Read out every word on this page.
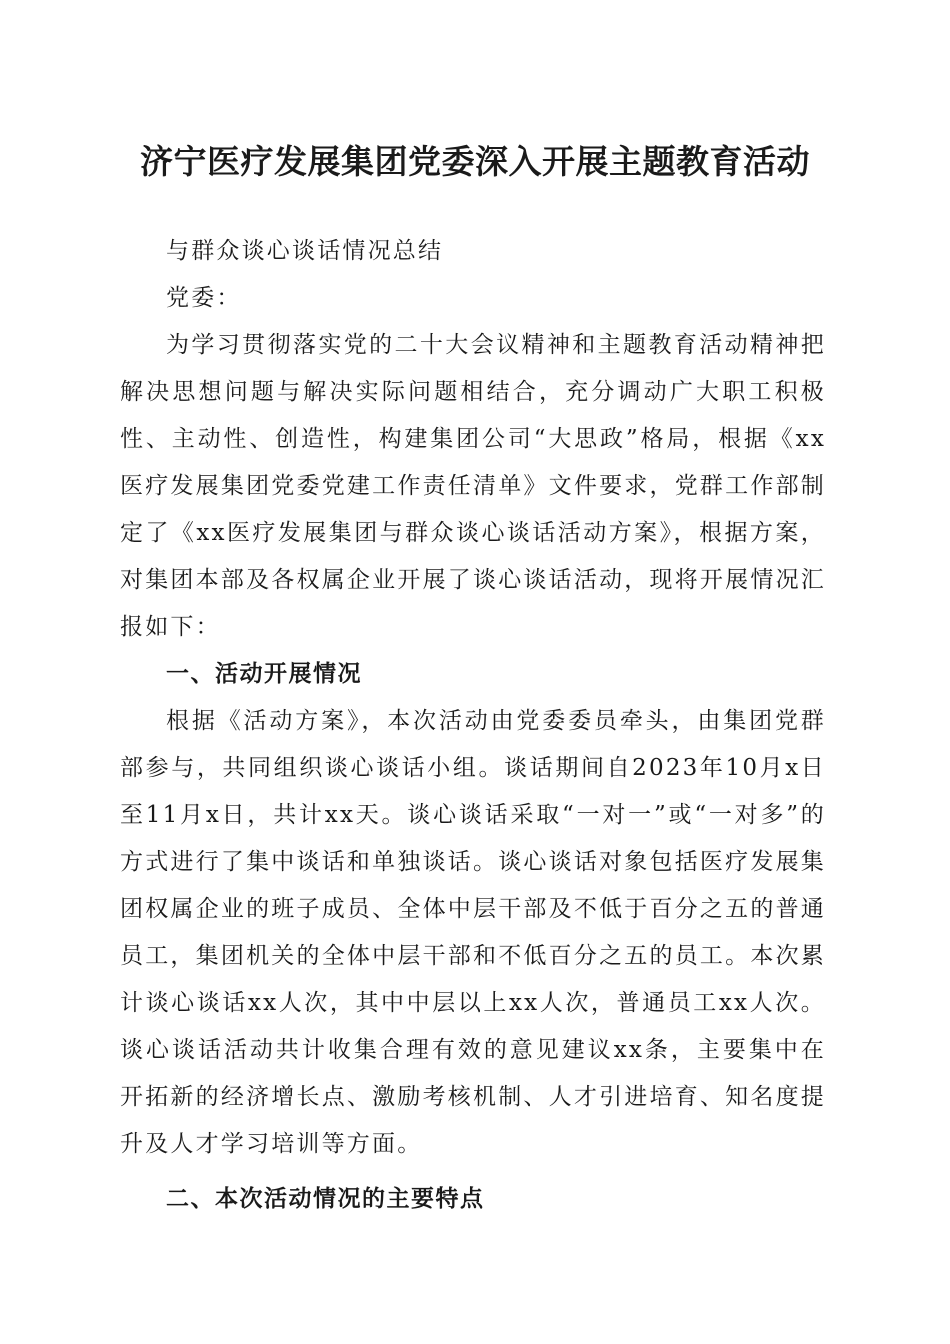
济宁医疗发展集团党委深入开展主题教育活动

与群众谈心谈话情况总结

党委：

为学习贯彻落实党的二十大会议精神和主题教育活动精神把解决思想问题与解决实际问题相结合，充分调动广大职工积极性、主动性、创造性，构建集团公司“大思政”格局，根据《xx医疗发展集团党委党建工作责任清单》文件要求，党群工作部制定了《xx医疗发展集团与群众谈心谈话活动方案》，根据方案，对集团本部及各权属企业开展了谈心谈话活动，现将开展情况汇报如下：

一、活动开展情况

根据《活动方案》，本次活动由党委委员牵头，由集团党群部参与，共同组织谈心谈话小组。谈话期间自2023年10月x日至11月x日，共计xx天。谈心谈话采取“一对一”或“一对多”的方式进行了集中谈话和单独谈话。谈心谈话对象包括医疗发展集团权属企业的班子成员、全体中层干部及不低于百分之五的普通员工，集团机关的全体中层干部和不低百分之五的员工。本次累计谈心谈话xx人次，其中中层以上xx人次，普通员工xx人次。谈心谈话活动共计收集合理有效的意见建议xx条，主要集中在开拓新的经济增长点、激励考核机制、人才引进培育、知名度提升及人才学习培训等方面。

二、本次活动情况的主要特点
